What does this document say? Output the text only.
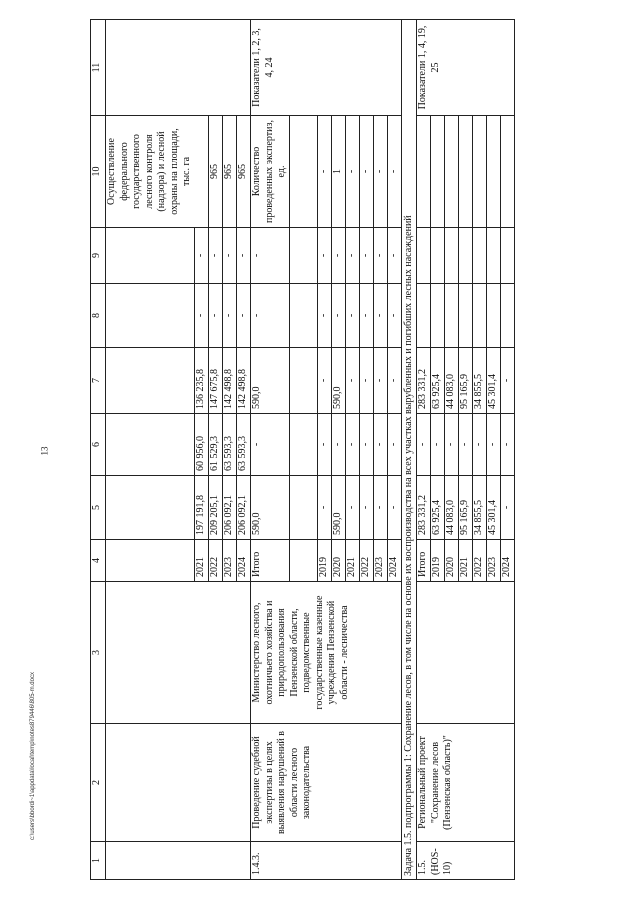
13
1	2	3	4	5	6	7	8	9	10	11
									Осуществление федерального государственного лесного контроля (надзора) и лесной охраны на площади, тыс. га	
			2021	197 191,8	60 956,0	136 235,8	-	-		
			2022	209 205,1	61 529,3	147 675,8	-	-	965	
			2023	206 092,1	63 593,3	142 498,8	-	-	965	
			2024	206 092,1	63 593,3	142 498,8	-	-	965	
1.4.3.	Проведение судебной экспертизы в целях выявления нарушений в области лесного законодательства	Министерство лесного, охотничьего хозяйства и природопользования Пензенской области, подведомственные государственные казенные учреждения Пензенской области - лесничества	Итого	590,0	-	590,0	-	-	Количество проведенных экспертиз, ед.	Показатели 1, 2, 3, 4, 24

			2019	-	-	-	-	-	-	
			2020	590,0	-	590,0	-	-	1	
			2021	-	-	-	-	-	-	
			2022	-	-	-	-	-	-	
			2023	-	-	-	-	-	-	
			2024	-	-	-	-	-	-	
Задача 1.5. подпрограммы 1: Сохранение лесов, в том числе на основе их воспроизводства на всех участках вырубленных и погибших лесных насаждений										
1.5. (НОS-10)	Региональный проект "Сохранение лесов (Пензенская область)"		Итого	283 331,2	-	283 331,2				Показатели 1, 4, 19, 25
			2019	63 925,4	-	63 925,4				
			2020	44 083,0	-	44 083,0				
			2021	95 165,9	-	95 165,9				
			2022	34 855,5	-	34 855,5				
			2023	45 301,4	-	45 301,4				
			2024	-	-	-				
c:\users\bbordi~1\appdata\local\temp\notes879446\805-m.docx
